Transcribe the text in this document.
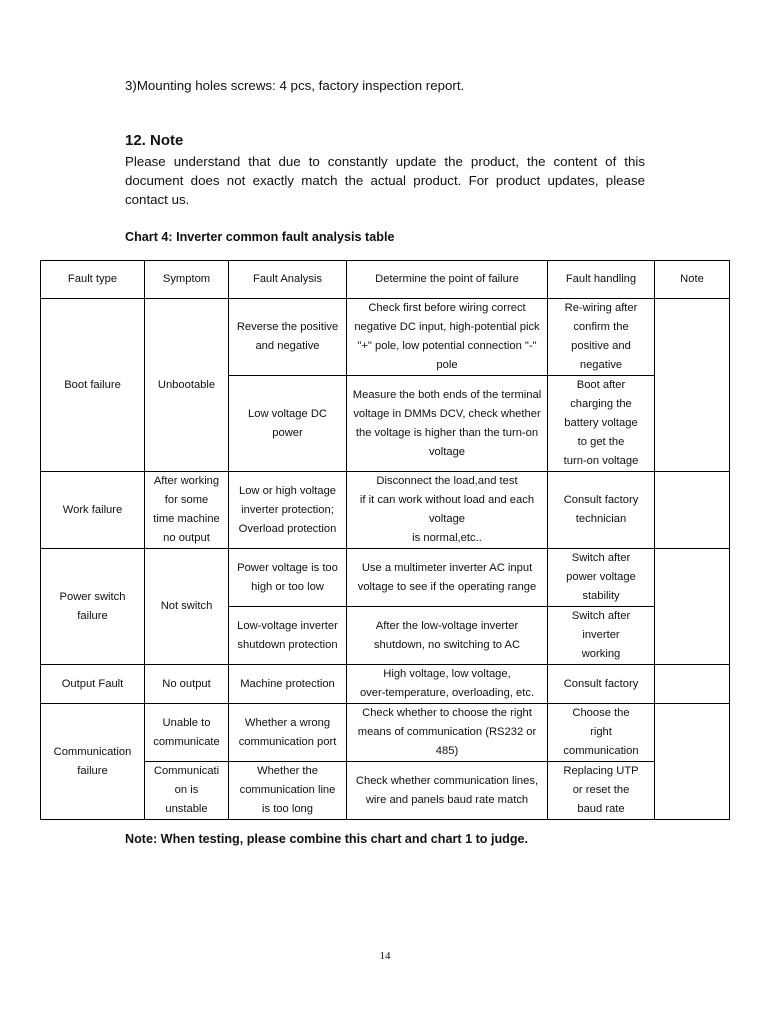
3)Mounting holes screws: 4 pcs, factory inspection report.
12. Note
Please understand that due to constantly update the product, the content of this document does not exactly match the actual product. For product updates, please contact us.
Chart 4: Inverter common fault analysis table
Fault type	Symptom	Fault Analysis	Determine the point of failure	Fault handling	Note
Boot failure	Unbootable	Reverse the positive
and negative	Check first before wiring correct
negative DC input, high-potential pick
"+" pole, low potential connection "-"
pole	Re-wiring after
confirm the
positive and
negative	
		Low voltage DC
power	Measure the both ends of the terminal
voltage in DMMs DCV, check whether
the voltage is higher than the turn-on
voltage	Boot after
charging the
battery voltage
to get the
turn-on voltage	
Work failure	After working
for some
time machine
no output	Low or high voltage
inverter protection;
Overload protection	Disconnect the load,and test
if it can work without load and each
voltage
is normal,etc..	Consult factory
technician	
Power switch
failure	Not switch	Power voltage is too
high or too low	Use a multimeter inverter AC input
voltage to see if the operating range	Switch after
power voltage
stability	
		Low-voltage inverter
shutdown protection	After the low-voltage inverter
shutdown, no switching to AC	Switch after
inverter
working	
Output Fault	No output	Machine protection	High voltage, low voltage,
over-temperature, overloading, etc.	Consult factory	
Communication
failure	Unable to
communicate	Whether a wrong
communication port	Check whether to choose the right
means of communication (RS232 or
485)	Choose the
right
communication	
	Communicati
on is
unstable	Whether the
communication line
is too long	Check whether communication lines,
wire and panels baud rate match	Replacing UTP
or reset the
baud rate	
Note: When testing, please combine this chart and chart 1 to judge.
14
